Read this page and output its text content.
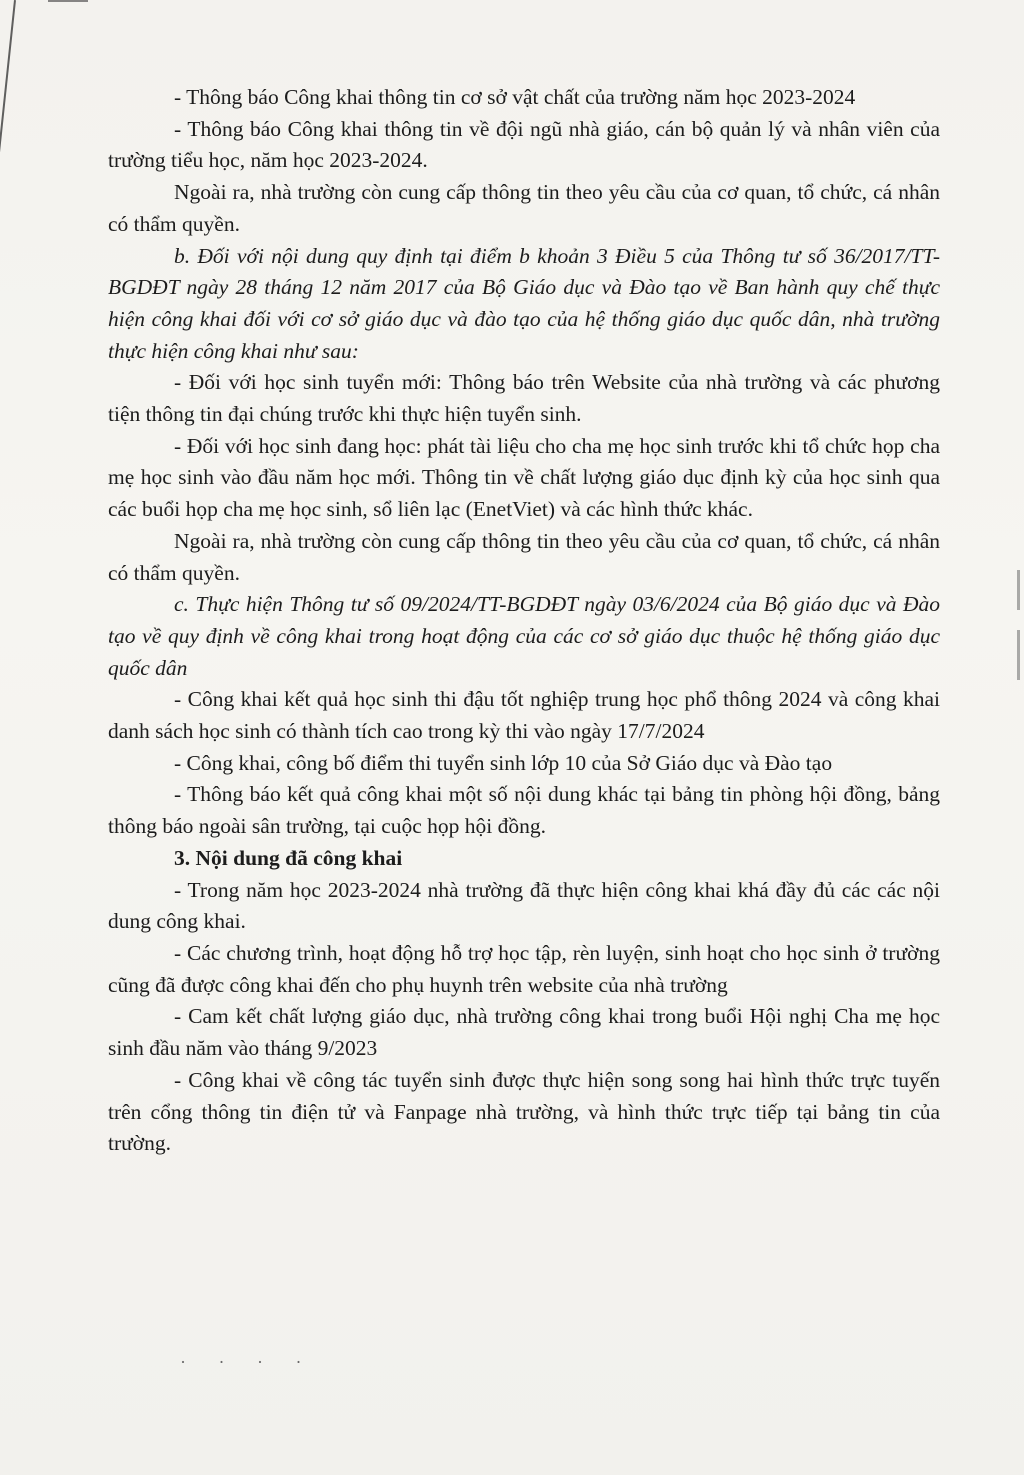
- Thông báo Công khai thông tin cơ sở vật chất của trường năm học 2023-2024

- Thông báo Công khai thông tin về đội ngũ nhà giáo, cán bộ quản lý và nhân viên của trường tiểu học, năm học 2023-2024.

Ngoài ra, nhà trường còn cung cấp thông tin theo yêu cầu của cơ quan, tổ chức, cá nhân có thẩm quyền.

b. Đối với nội dung quy định tại điểm b khoản 3 Điều 5 của Thông tư số 36/2017/TT-BGDĐT ngày 28 tháng 12 năm 2017 của Bộ Giáo dục và Đào tạo về Ban hành quy chế thực hiện công khai đối với cơ sở giáo dục và đào tạo của hệ thống giáo dục quốc dân, nhà trường thực hiện công khai như sau:

- Đối với học sinh tuyển mới: Thông báo trên Website của nhà trường và các phương tiện thông tin đại chúng trước khi thực hiện tuyển sinh.

- Đối với học sinh đang học: phát tài liệu cho cha mẹ học sinh trước khi tổ chức họp cha mẹ học sinh vào đầu năm học mới. Thông tin về chất lượng giáo dục định kỳ của học sinh qua các buổi họp cha mẹ học sinh, sổ liên lạc (EnetViet) và các hình thức khác.

Ngoài ra, nhà trường còn cung cấp thông tin theo yêu cầu của cơ quan, tổ chức, cá nhân có thẩm quyền.

c. Thực hiện Thông tư số 09/2024/TT-BGDĐT ngày 03/6/2024 của Bộ giáo dục và Đào tạo về quy định về công khai trong hoạt động của các cơ sở giáo dục thuộc hệ thống giáo dục quốc dân

- Công khai kết quả học sinh thi đậu tốt nghiệp trung học phổ thông 2024 và công khai danh sách học sinh có thành tích cao trong kỳ thi vào ngày 17/7/2024

- Công khai, công bố điểm thi tuyển sinh lớp 10 của Sở Giáo dục và Đào tạo

- Thông báo kết quả công khai một số nội dung khác tại bảng tin phòng hội đồng, bảng thông báo ngoài sân trường, tại cuộc họp hội đồng.

3. Nội dung đã công khai

- Trong năm học 2023-2024 nhà trường đã thực hiện công khai khá đầy đủ các các nội dung công khai.

- Các chương trình, hoạt động hỗ trợ học tập, rèn luyện, sinh hoạt cho học sinh ở trường cũng đã được công khai đến cho phụ huynh trên website của nhà trường

- Cam kết chất lượng giáo dục, nhà trường công khai trong buổi Hội nghị Cha mẹ học sinh đầu năm vào tháng 9/2023

- Công khai về công tác tuyển sinh được thực hiện song song hai hình thức trực tuyến trên cổng thông tin điện tử và Fanpage nhà trường, và hình thức trực tiếp tại bảng tin của trường.

· · · ·
